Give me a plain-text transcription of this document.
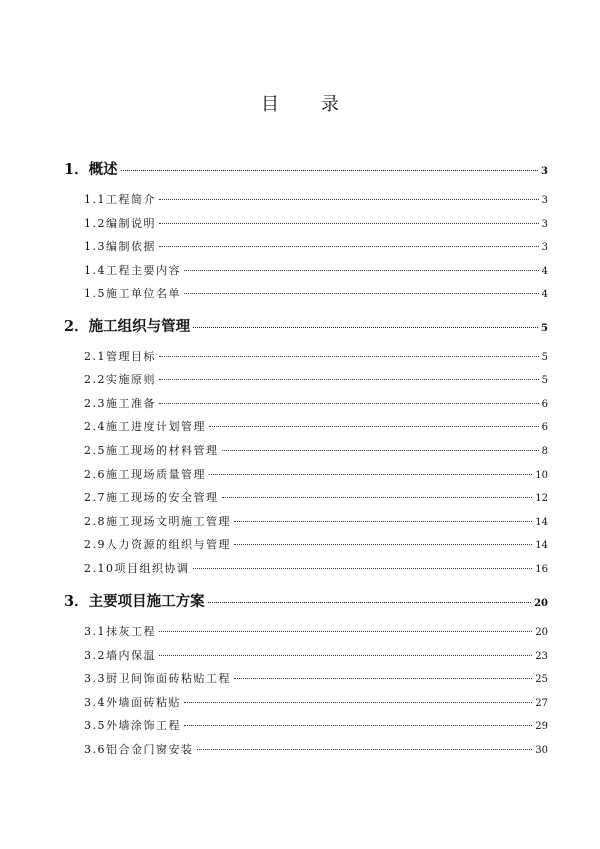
目 录
1．概述	3
1.1工程简介	3
1.2编制说明	3
1.3编制依据	3
1.4工程主要内容	4
1.5施工单位名单	4
2．施工组织与管理	5
2.1管理目标	5
2.2实施原则	5
2.3施工准备	6
2.4施工进度计划管理	6
2.5施工现场的材料管理	8
2.6施工现场质量管理	10
2.7施工现场的安全管理	12
2.8施工现场文明施工管理	14
2.9人力资源的组织与管理	14
2.10项目组织协调	16
3．主要项目施工方案	20
3.1抹灰工程	20
3.2墙内保温	23
3.3厨卫间饰面砖粘贴工程	25
3.4外墙面砖粘贴	27
3.5外墙涂饰工程	29
3.6铝合金门窗安装	30
